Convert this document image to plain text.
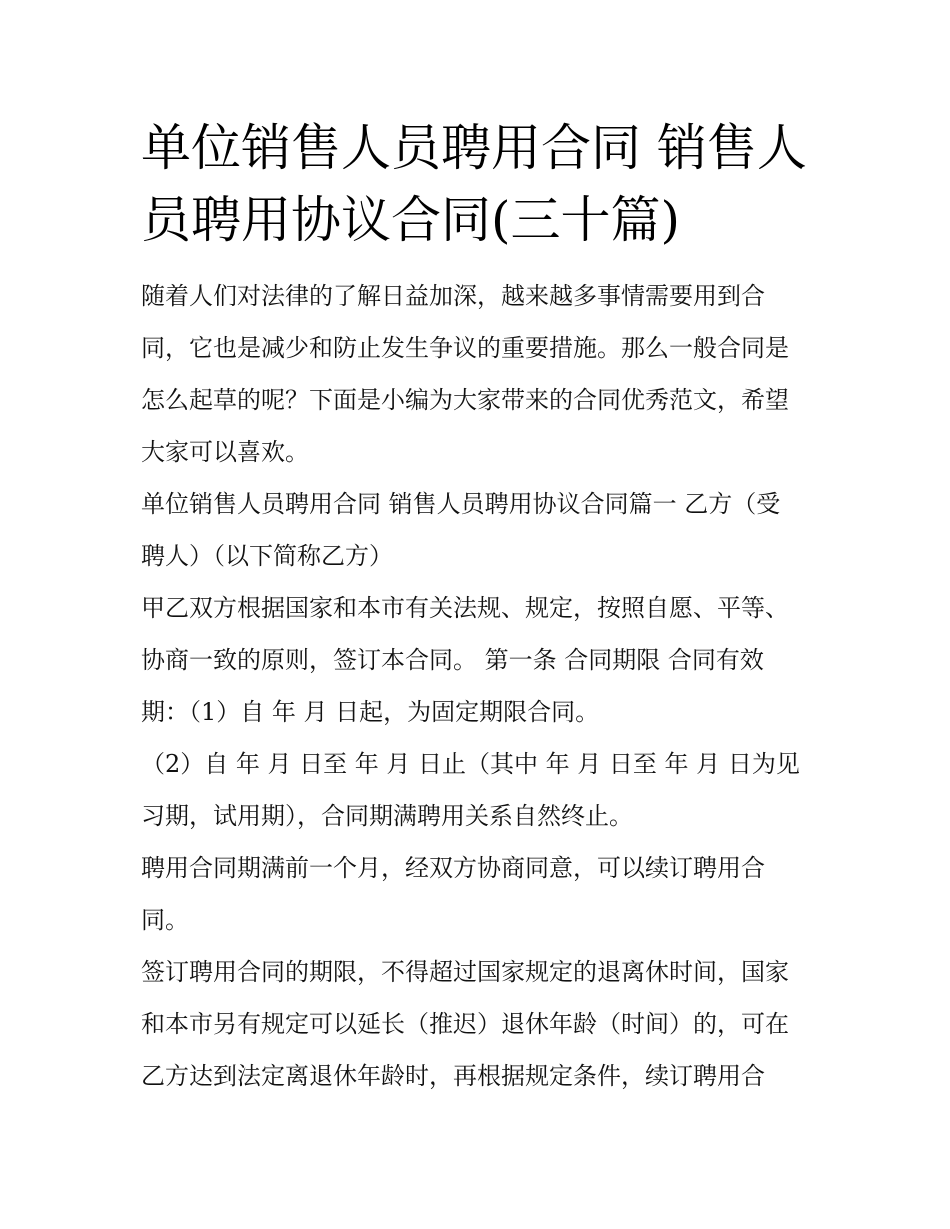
单位销售人员聘用合同 销售人
员聘用协议合同(三十篇)

随着人们对法律的了解日益加深，越来越多事情需要用到合
同，它也是减少和防止发生争议的重要措施。那么一般合同是
怎么起草的呢？下面是小编为大家带来的合同优秀范文，希望
大家可以喜欢。

单位销售人员聘用合同 销售人员聘用协议合同篇一 乙方（受
聘人）（以下简称乙方）

甲乙双方根据国家和本市有关法规、规定，按照自愿、平等、
协商一致的原则，签订本合同。 第一条 合同期限 合同有效
期：（1）自 年 月 日起，为固定期限合同。

（2）自 年 月 日至 年 月 日止（其中 年 月 日至 年 月 日为见
习期，试用期），合同期满聘用关系自然终止。

聘用合同期满前一个月，经双方协商同意，可以续订聘用合
同。

签订聘用合同的期限，不得超过国家规定的退离休时间，国家
和本市另有规定可以延长（推迟）退休年龄（时间）的，可在
乙方达到法定离退休年龄时，再根据规定条件，续订聘用合
